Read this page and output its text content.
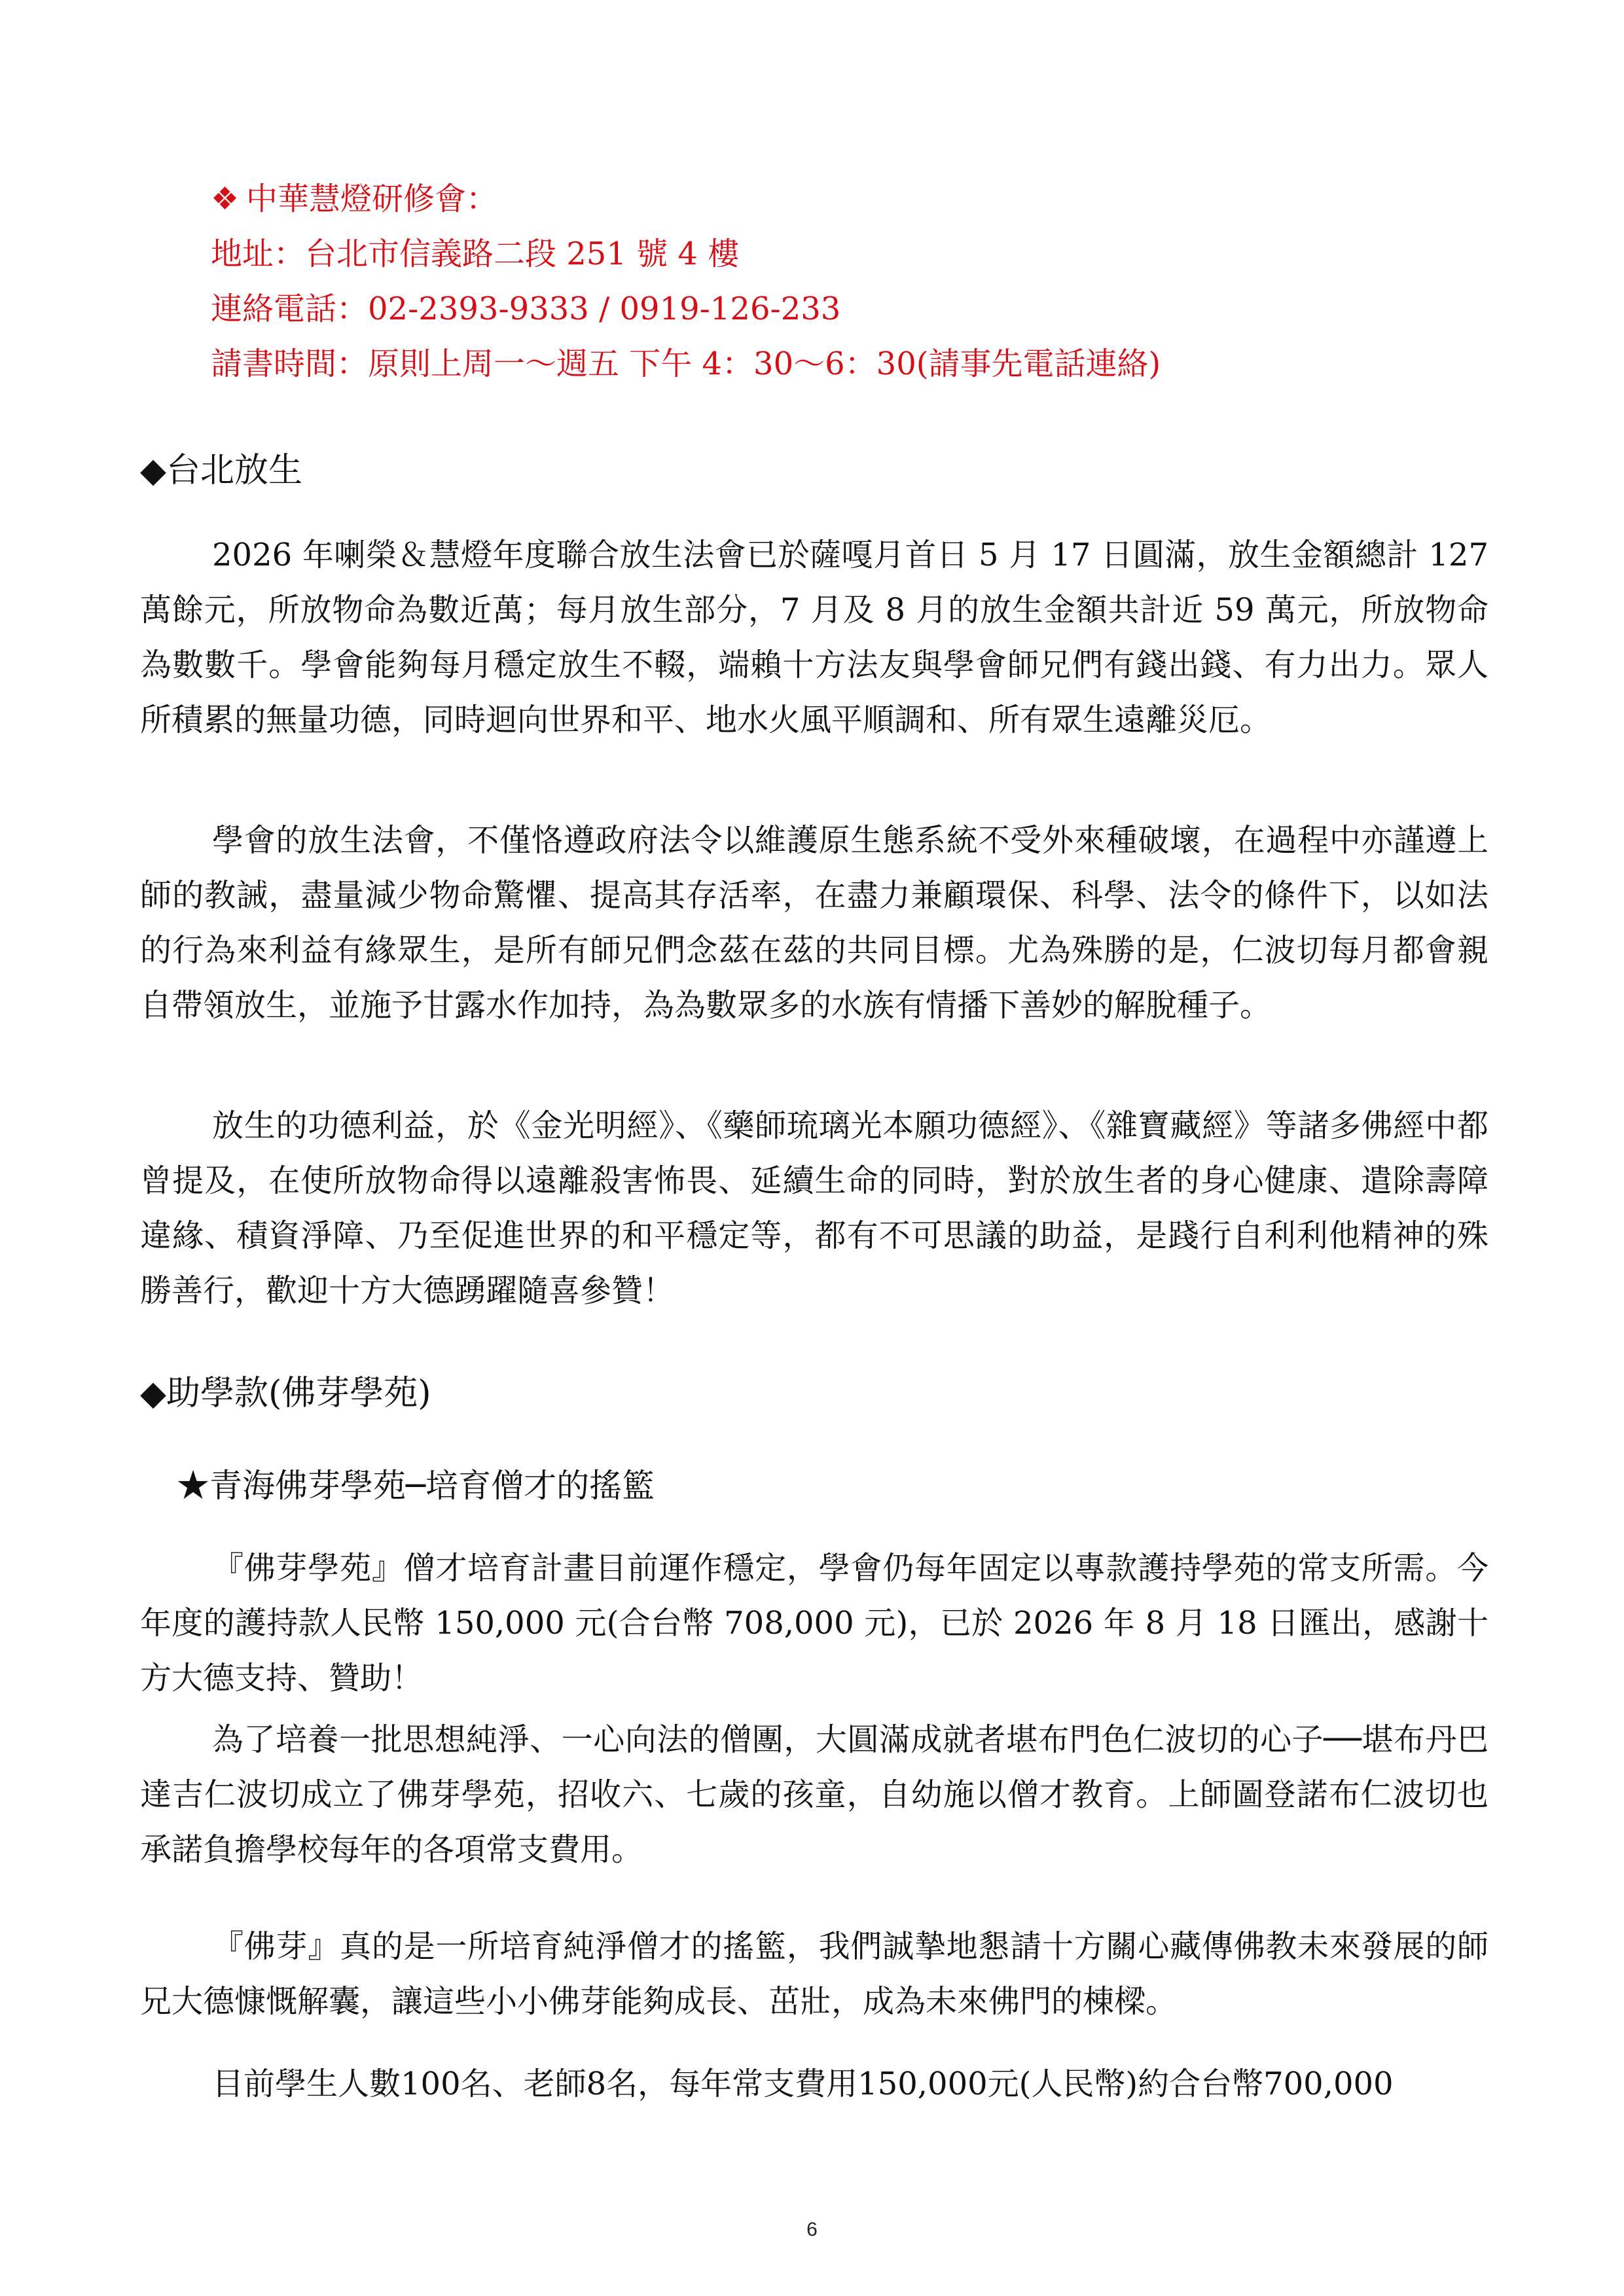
❖ 中華慧燈研修會：
地址：台北市信義路二段 251 號 4 樓
連絡電話：02-2393-9333 / 0919-126-233
請書時間：原則上周一～週五 下午 4：30～6：30(請事先電話連絡)
◆台北放生
2026 年喇榮＆慧燈年度聯合放生法會已於薩嘎月首日 5 月 17 日圓滿，放生金額總計 127 萬餘元，所放物命為數近萬；每月放生部分，7 月及 8 月的放生金額共計近 59 萬元，所放物命為數數千。學會能夠每月穩定放生不輟，端賴十方法友與學會師兄們有錢出錢、有力出力。眾人所積累的無量功德，同時迴向世界和平、地水火風平順調和、所有眾生遠離災厄。
學會的放生法會，不僅恪遵政府法令以維護原生態系統不受外來種破壞，在過程中亦謹遵上師的教誡，盡量減少物命驚懼、提高其存活率，在盡力兼顧環保、科學、法令的條件下，以如法的行為來利益有緣眾生，是所有師兄們念茲在茲的共同目標。尤為殊勝的是，仁波切每月都會親自帶領放生，並施予甘露水作加持，為為數眾多的水族有情播下善妙的解脫種子。
放生的功德利益，於《金光明經》、《藥師琉璃光本願功德經》、《雜寶藏經》等諸多佛經中都曾提及，在使所放物命得以遠離殺害怖畏、延續生命的同時，對於放生者的身心健康、遣除壽障違緣、積資淨障、乃至促進世界的和平穩定等，都有不可思議的助益，是踐行自利利他精神的殊勝善行，歡迎十方大德踴躍隨喜參贊！
◆助學款(佛芽學苑)
★青海佛芽學苑─培育僧才的搖籃
『佛芽學苑』僧才培育計畫目前運作穩定，學會仍每年固定以專款護持學苑的常支所需。今年度的護持款人民幣 150,000 元(合台幣 708,000 元)，已於 2026 年 8 月 18 日匯出，感謝十方大德支持、贊助！
為了培養一批思想純淨、一心向法的僧團，大圓滿成就者堪布門色仁波切的心子──堪布丹巴達吉仁波切成立了佛芽學苑，招收六、七歲的孩童，自幼施以僧才教育。上師圖登諾布仁波切也承諾負擔學校每年的各項常支費用。
『佛芽』真的是一所培育純淨僧才的搖籃，我們誠摯地懇請十方關心藏傳佛教未來發展的師兄大德慷慨解囊，讓這些小小佛芽能夠成長、茁壯，成為未來佛門的棟樑。
目前學生人數100名、老師8名，每年常支費用150,000元(人民幣)約合台幣700,000
6
